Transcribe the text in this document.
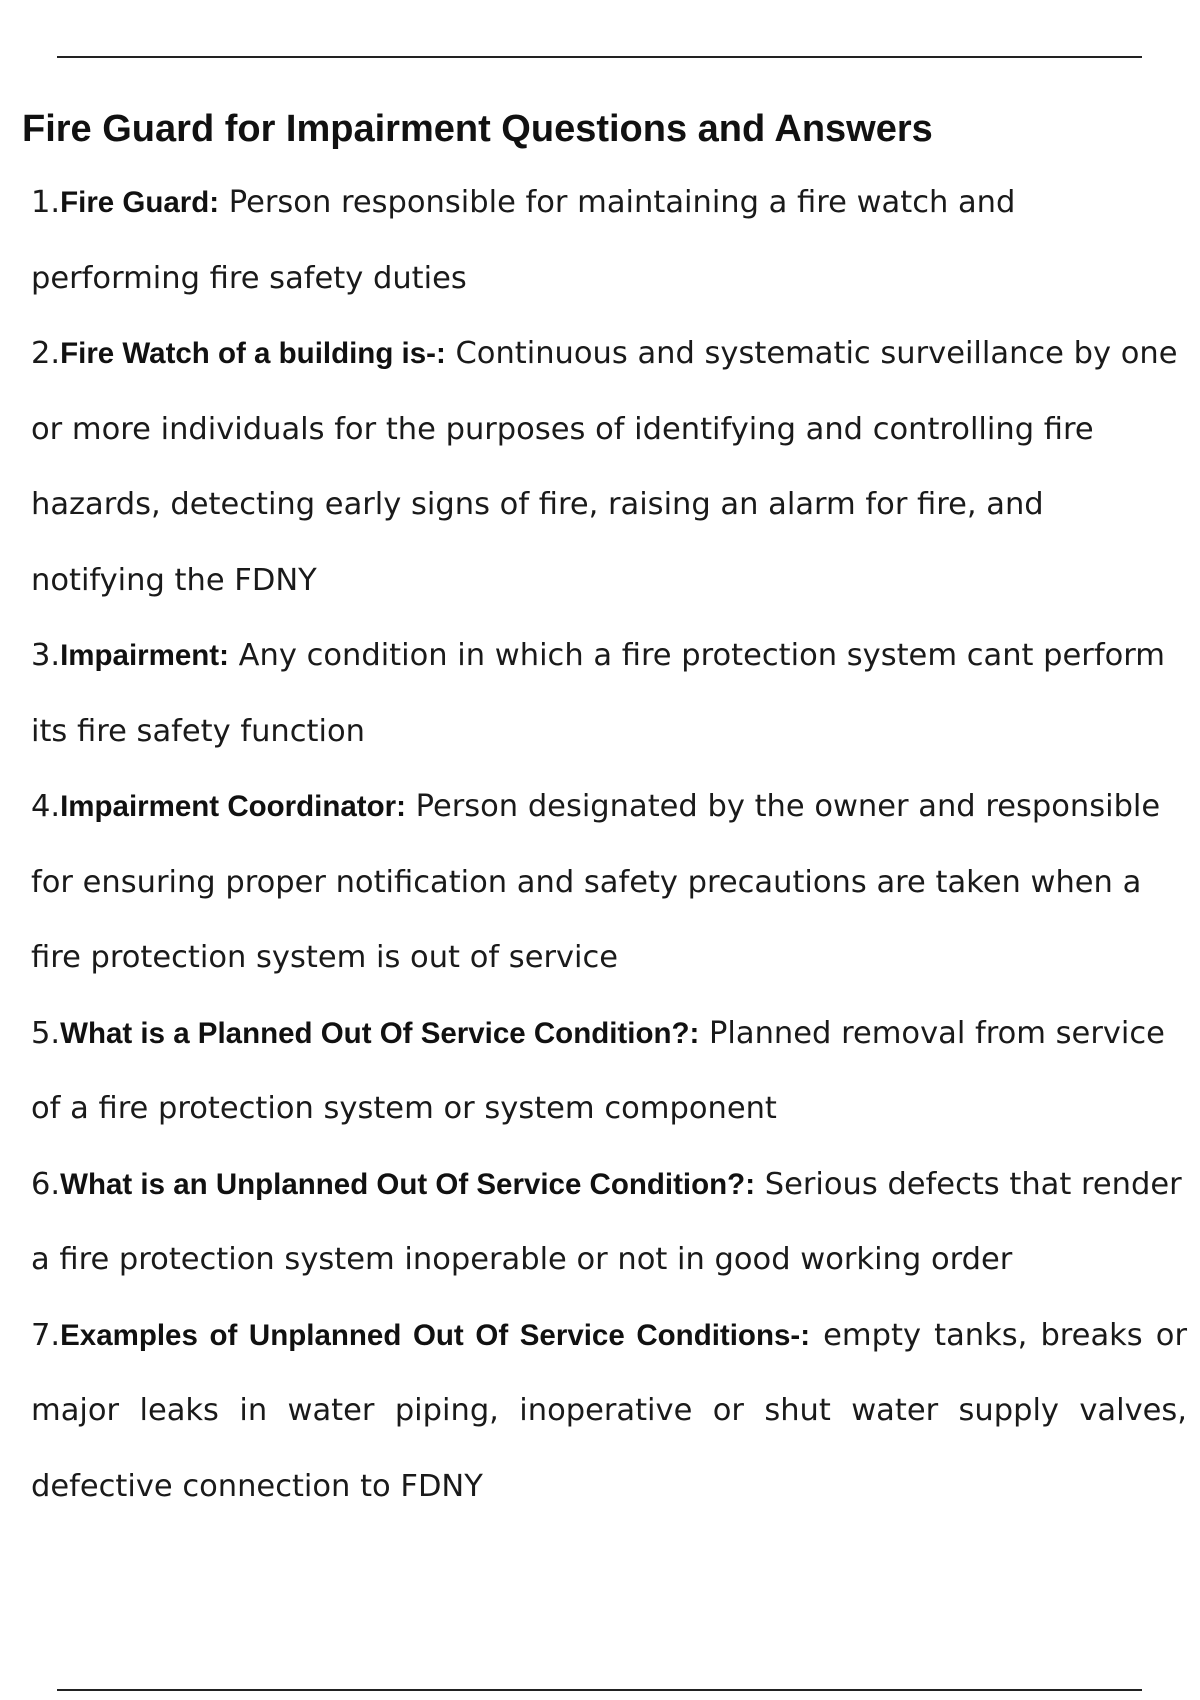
Fire Guard for Impairment Questions and Answers
1.Fire Guard: Person responsible for maintaining a fire watch and performing fire safety duties
2.Fire Watch of a building is-: Continuous and systematic surveillance by one or more individuals for the purposes of identifying and controlling fire hazards, detecting early signs of fire, raising an alarm for fire, and notifying the FDNY
3.Impairment: Any condition in which a fire protection system cant perform its fire safety function
4.Impairment Coordinator: Person designated by the owner and responsible for ensuring proper notification and safety precautions are taken when a fire protection system is out of service
5.What is a Planned Out Of Service Condition?: Planned removal from service of a fire protection system or system component
6.What is an Unplanned Out Of Service Condition?: Serious defects that render a fire protection system inoperable or not in good working order
7.Examples of Unplanned Out Of Service Conditions-: empty tanks, breaks or major leaks in water piping, inoperative or shut water supply valves, defective connection to FDNY
